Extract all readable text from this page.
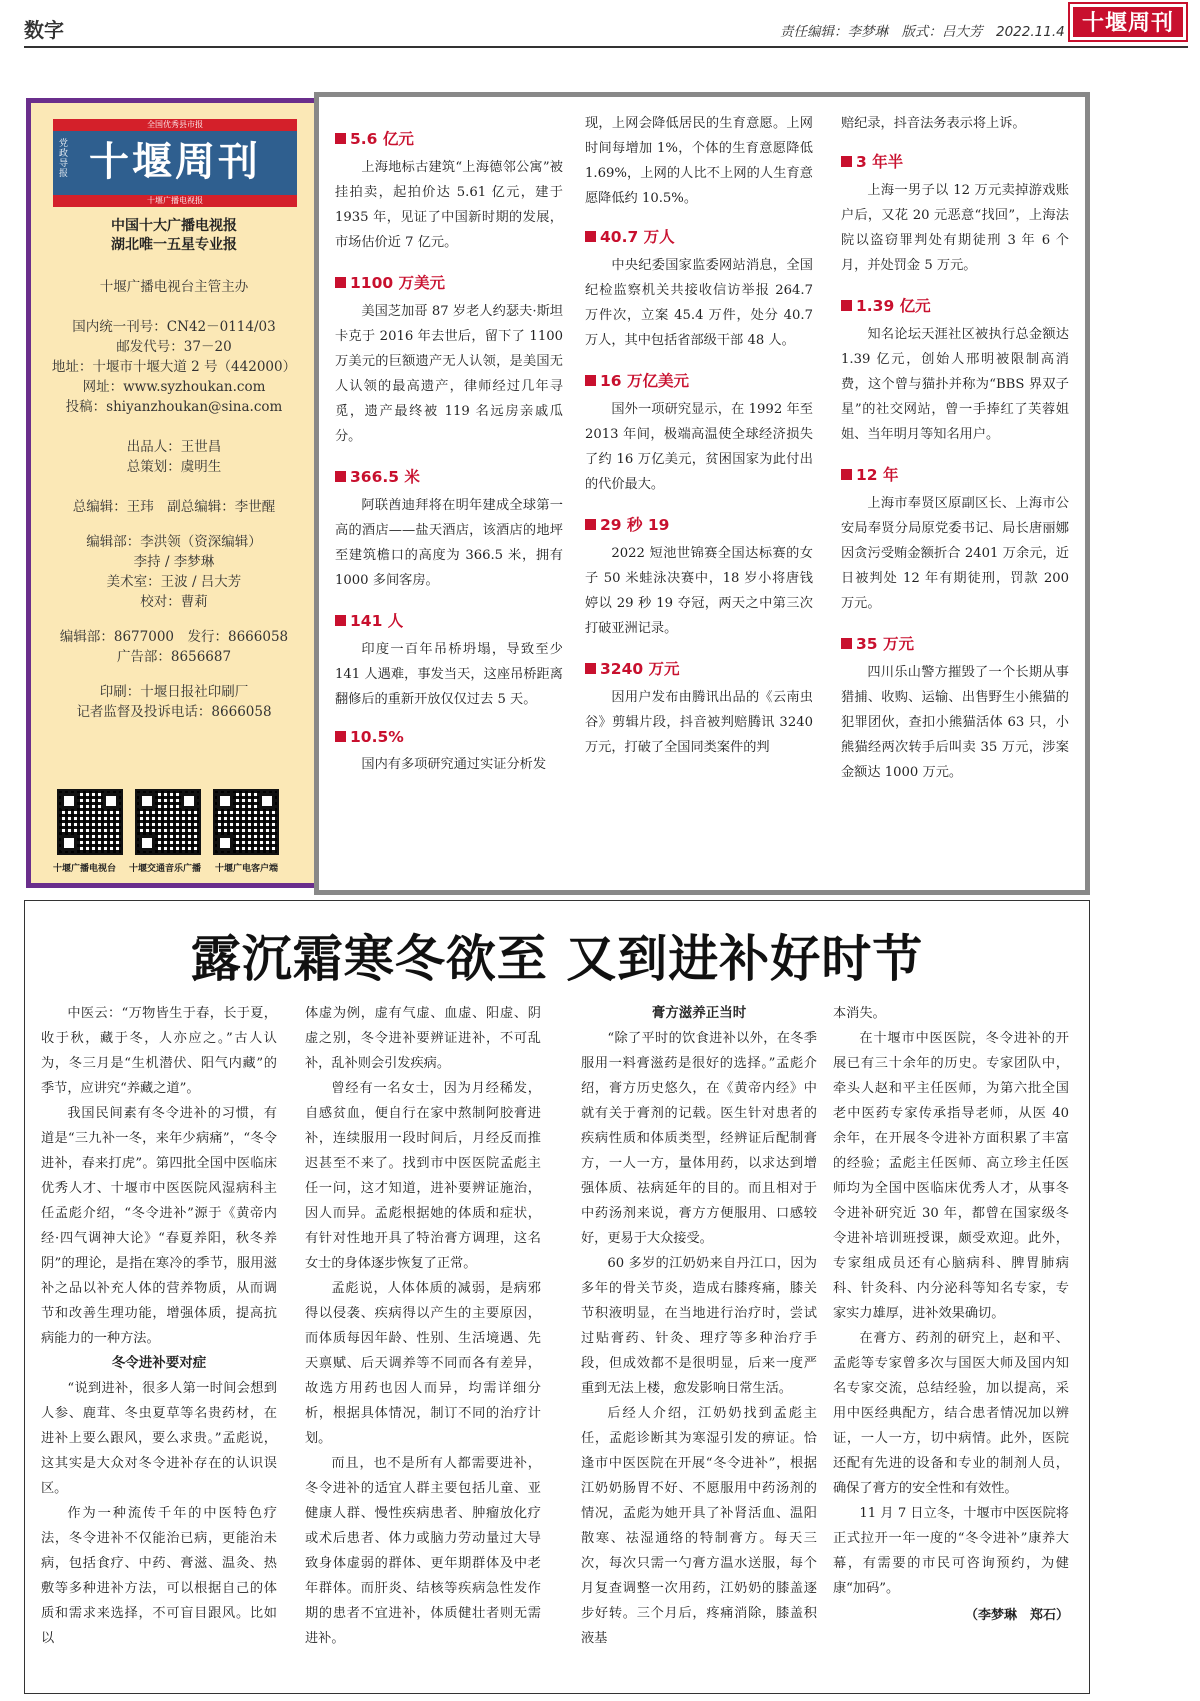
数字	责任编辑：李梦琳　版式：吕大芳　2022.11.4 十堰周刊
全国优秀县市报
党政导报 十堰周刊
十堰广播电视报
中国十大广播电视报
湖北唯一五星专业报
十堰广播电视台主管主办
国内统一刊号：CN42－0114/03
邮发代号：37－20
地址：十堰市十堰大道 2 号（442000）
网址：www.syzhoukan.com
投稿：shiyanzhoukan@sina.com
出品人：王世昌
总策划：虞明生
总编辑：王玮　副总编辑：李世醒
编辑部：李洪领（资深编辑）
李持 / 李梦琳
美术室：王波 / 吕大芳
校对：曹莉
编辑部：8677000　发行：8666058
广告部：8656687
印刷：十堰日报社印刷厂
记者监督及投诉电话：8666058
十堰广播电视台 十堰交通音乐广播 十堰广电客户端
5.6 亿元

上海地标古建筑“上海德邻公寓”被挂拍卖，起拍价达 5.61 亿元，建于 1935 年，见证了中国新时期的发展，市场估价近 7 亿元。

1100 万美元

美国芝加哥 87 岁老人约瑟夫·斯坦卡克于 2016 年去世后，留下了 1100 万美元的巨额遗产无人认领，是美国无人认领的最高遗产，律师经过几年寻觅，遗产最终被 119 名远房亲戚瓜分。

366.5 米

阿联酋迪拜将在明年建成全球第一高的酒店——盐天酒店，该酒店的地坪至建筑檐口的高度为 366.5 米，拥有 1000 多间客房。

141 人

印度一百年吊桥坍塌，导致至少 141 人遇难，事发当天，这座吊桥距离翻修后的重新开放仅仅过去 5 天。

10.5%

国内有多项研究通过实证分析发

现，上网会降低居民的生育意愿。上网时间每增加 1%，个体的生育意愿降低 1.69%，上网的人比不上网的人生育意愿降低约 10.5%。

40.7 万人

中央纪委国家监委网站消息，全国纪检监察机关共接收信访举报 264.7 万件次，立案 45.4 万件，处分 40.7 万人，其中包括省部级干部 48 人。

16 万亿美元

国外一项研究显示，在 1992 年至 2013 年间，极端高温使全球经济损失了约 16 万亿美元，贫困国家为此付出的代价最大。

29 秒 19

2022 短池世锦赛全国达标赛的女子 50 米蛙泳决赛中，18 岁小将唐钱婷以 29 秒 19 夺冠，两天之中第三次打破亚洲记录。

3240 万元

因用户发布由腾讯出品的《云南虫谷》剪辑片段，抖音被判赔腾讯 3240 万元，打破了全国同类案件的判

赔纪录，抖音法务表示将上诉。

3 年半

上海一男子以 12 万元卖掉游戏账户后，又花 20 元恶意“找回”，上海法院以盗窃罪判处有期徒刑 3 年 6 个月，并处罚金 5 万元。

1.39 亿元

知名论坛天涯社区被执行总金额达 1.39 亿元，创始人邢明被限制高消费，这个曾与猫扑并称为“BBS 界双子星”的社交网站，曾一手捧红了芙蓉姐姐、当年明月等知名用户。

12 年

上海市奉贤区原副区长、上海市公安局奉贤分局原党委书记、局长唐丽娜因贪污受贿金额折合 2401 万余元，近日被判处 12 年有期徒刑，罚款 200 万元。

35 万元

四川乐山警方摧毁了一个长期从事猎捕、收购、运输、出售野生小熊猫的犯罪团伙，查扣小熊猫活体 63 只，小熊猫经两次转手后叫卖 35 万元，涉案金额达 1000 万元。

露沉霜寒冬欲至 又到进补好时节

中医云：“万物皆生于春，长于夏，收于秋，藏于冬，人亦应之。”古人认为，冬三月是“生机潜伏、阳气内藏”的季节，应讲究“养藏之道”。

我国民间素有冬令进补的习惯，有道是“三九补一冬，来年少病痛”，“冬令进补，春来打虎”。第四批全国中医临床优秀人才、十堰市中医医院风湿病科主任孟彪介绍，“冬令进补”源于《黄帝内经·四气调神大论》“春夏养阳，秋冬养阴”的理论，是指在寒冷的季节，服用滋补之品以补充人体的营养物质，从而调节和改善生理功能，增强体质，提高抗病能力的一种方法。

冬令进补要对症

“说到进补，很多人第一时间会想到人参、鹿茸、冬虫夏草等名贵药材，在进补上要么跟风，要么求贵。”孟彪说，这其实是大众对冬令进补存在的认识误区。

作为一种流传千年的中医特色疗法，冬令进补不仅能治已病，更能治未病，包括食疗、中药、膏滋、温灸、热敷等多种进补方法，可以根据自己的体质和需求来选择，不可盲目跟风。比如以

体虚为例，虚有气虚、血虚、阳虚、阴虚之别，冬令进补要辨证进补，不可乱补，乱补则会引发疾病。

曾经有一名女士，因为月经稀发，自感贫血，便自行在家中熬制阿胶膏进补，连续服用一段时间后，月经反而推迟甚至不来了。找到市中医医院孟彪主任一问，这才知道，进补要辨证施治，因人而异。孟彪根据她的体质和症状，有针对性地开具了特治膏方调理，这名女士的身体逐步恢复了正常。

孟彪说，人体体质的减弱，是病邪得以侵袭、疾病得以产生的主要原因，而体质每因年龄、性别、生活境遇、先天禀赋、后天调养等不同而各有差异，故选方用药也因人而异，均需详细分析，根据具体情况，制订不同的治疗计划。

而且，也不是所有人都需要进补，冬令进补的适宜人群主要包括儿童、亚健康人群、慢性疾病患者、肿瘤放化疗或术后患者、体力或脑力劳动量过大导致身体虚弱的群体、更年期群体及中老年群体。而肝炎、结核等疾病急性发作期的患者不宜进补，体质健壮者则无需进补。

膏方滋养正当时

“除了平时的饮食进补以外，在冬季服用一料膏滋药是很好的选择。”孟彪介绍，膏方历史悠久，在《黄帝内经》中就有关于膏剂的记载。医生针对患者的疾病性质和体质类型，经辨证后配制膏方，一人一方，量体用药，以求达到增强体质、祛病延年的目的。而且相对于中药汤剂来说，膏方方便服用、口感较好，更易于大众接受。

60 多岁的江奶奶来自丹江口，因为多年的骨关节炎，造成右膝疼痛，膝关节积液明显，在当地进行治疗时，尝试过贴膏药、针灸、理疗等多种治疗手段，但成效都不是很明显，后来一度严重到无法上楼，愈发影响日常生活。

后经人介绍，江奶奶找到孟彪主任，孟彪诊断其为寒湿引发的痹证。恰逢市中医医院在开展“冬令进补”，根据江奶奶肠胃不好、不愿服用中药汤剂的情况，孟彪为她开具了补肾活血、温阳散寒、祛湿通络的特制膏方。每天三次，每次只需一勺膏方温水送服，每个月复查调整一次用药，江奶奶的膝盖逐步好转。三个月后，疼痛消除，膝盖积液基

本消失。

在十堰市中医医院，冬令进补的开展已有三十余年的历史。专家团队中，牵头人赵和平主任医师，为第六批全国老中医药专家传承指导老师，从医 40 余年，在开展冬令进补方面积累了丰富的经验；孟彪主任医师、高立珍主任医师均为全国中医临床优秀人才，从事冬令进补研究近 30 年，都曾在国家级冬令进补培训班授课，颇受欢迎。此外，专家组成员还有心脑病科、脾胃肺病科、针灸科、内分泌科等知名专家，专家实力雄厚，进补效果确切。

在膏方、药剂的研究上，赵和平、孟彪等专家曾多次与国医大师及国内知名专家交流，总结经验，加以提高，采用中医经典配方，结合患者情况加以辨证，一人一方，切中病情。此外，医院还配有先进的设备和专业的制剂人员，确保了膏方的安全性和有效性。

11 月 7 日立冬，十堰市中医医院将正式拉开一年一度的“冬令进补”康养大幕，有需要的市民可咨询预约，为健康“加码”。

（李梦琳　郑石）
